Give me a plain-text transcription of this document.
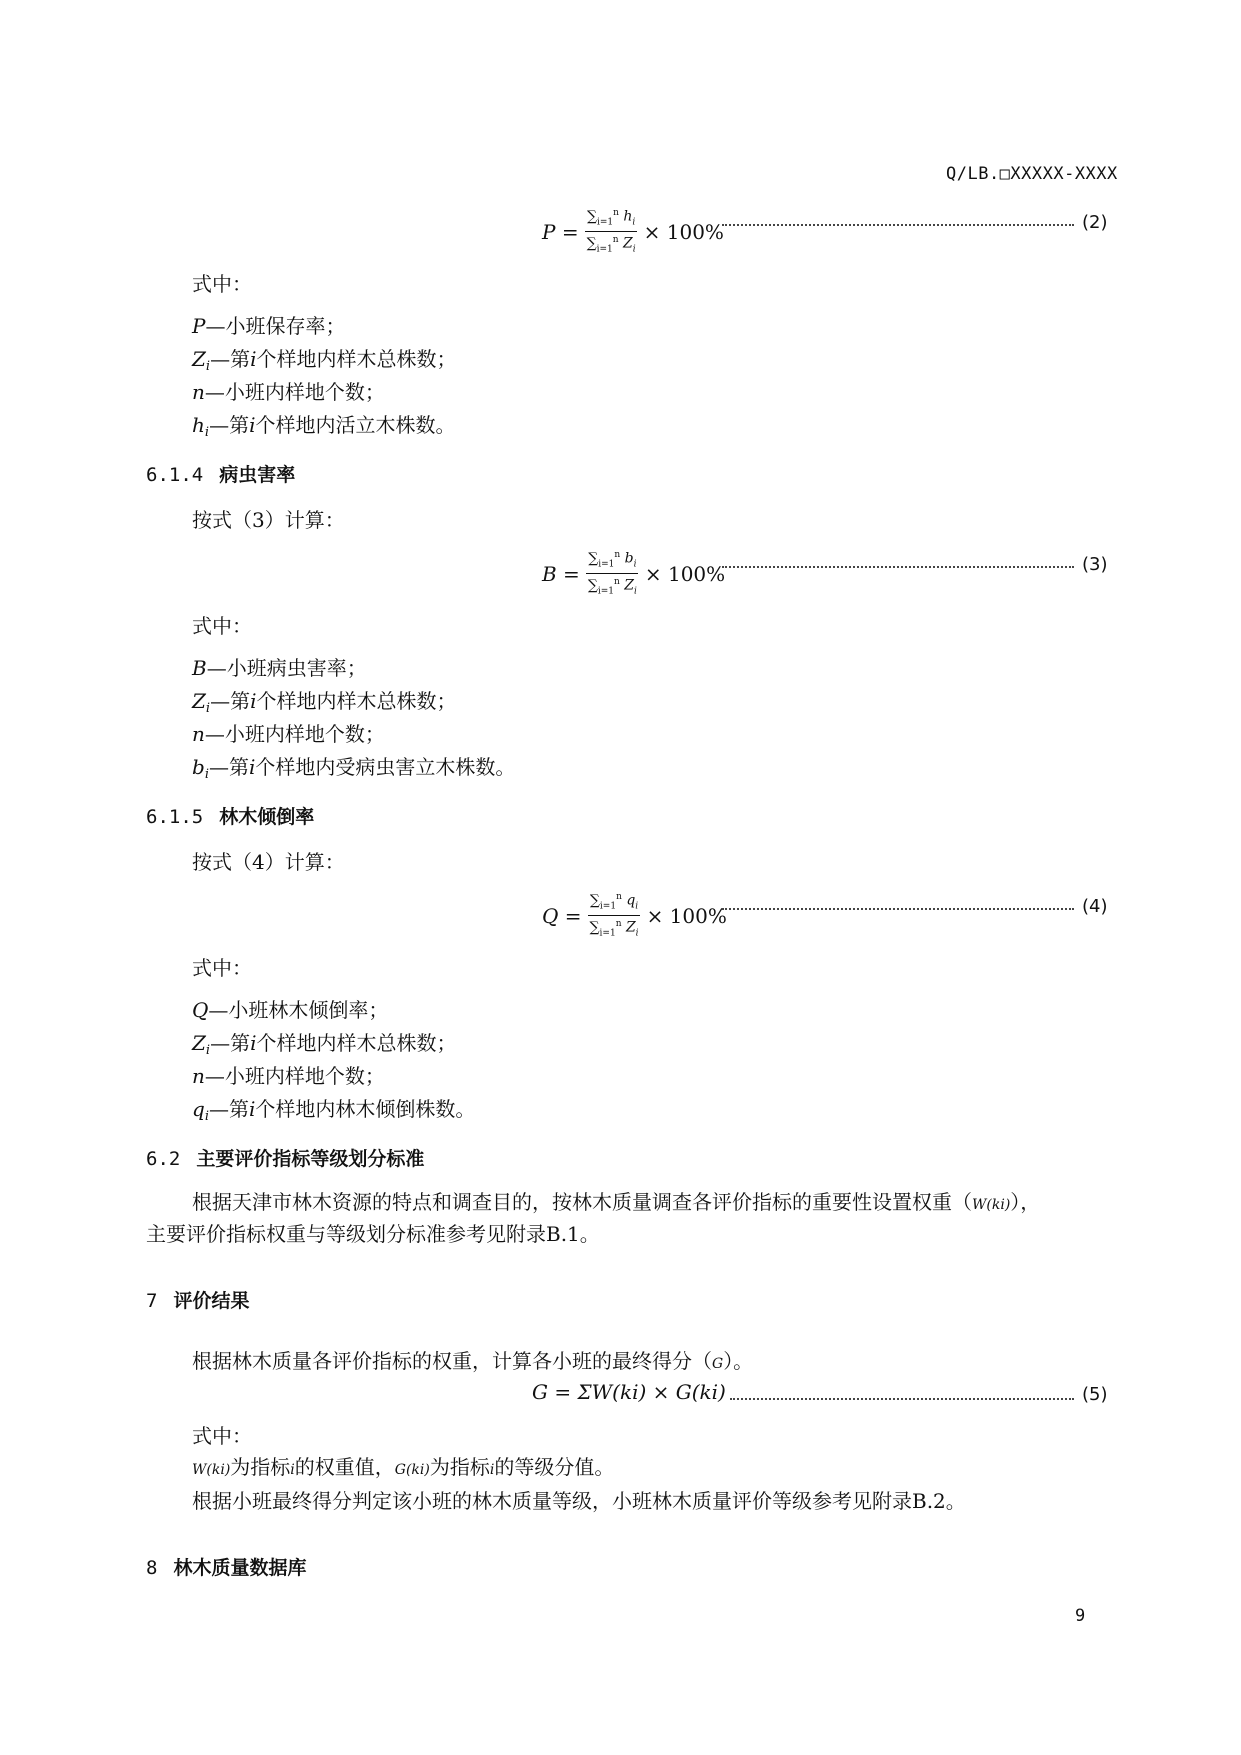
Q/LB.□XXXXX-XXXX
$P = \frac{\sum_{i=1}^n h_i}{\sum_{i=1}^n Z_i} \times 100\%$	(2)
式中：
P—小班保存率；
$Z_i—$第i个样地内样木总株数；
n—小班内样地个数；
$h_i—$第i个样地内活立木株数。
6.1.4 病虫害率
按式（3）计算：
$B = \frac{\sum_{i=1}^n b_i}{\sum_{i=1}^n Z_i} \times 100\%$	(3)
式中：
B—小班病虫害率；
$Z_i—$第i个样地内样木总株数；
n—小班内样地个数；
$b_i—$第i个样地内受病虫害立木株数。
6.1.5 林木倾倒率
按式（4）计算：
$Q = \frac{\sum_{i=1}^n q_i}{\sum_{i=1}^n Z_i} \times 100\%$	(4)
式中：
Q—小班林木倾倒率；
$Z_i—$第i个样地内样木总株数；
n—小班内样地个数；
$q_i—$第i个样地内林木倾倒株数。
6.2 主要评价指标等级划分标准
根据天津市林木资源的特点和调查目的，按林木质量调查各评价指标的重要性设置权重（W(ki)），
主要评价指标权重与等级划分标准参考见附录B.1。
7 评价结果
根据林木质量各评价指标的权重，计算各小班的最终得分（G）。
G = ΣW(ki) × G(ki)	(5)
式中：
W(ki)为指标i的权重值，G(ki)为指标i的等级分值。
根据小班最终得分判定该小班的林木质量等级，小班林木质量评价等级参考见附录B.2。
8 林木质量数据库
9
